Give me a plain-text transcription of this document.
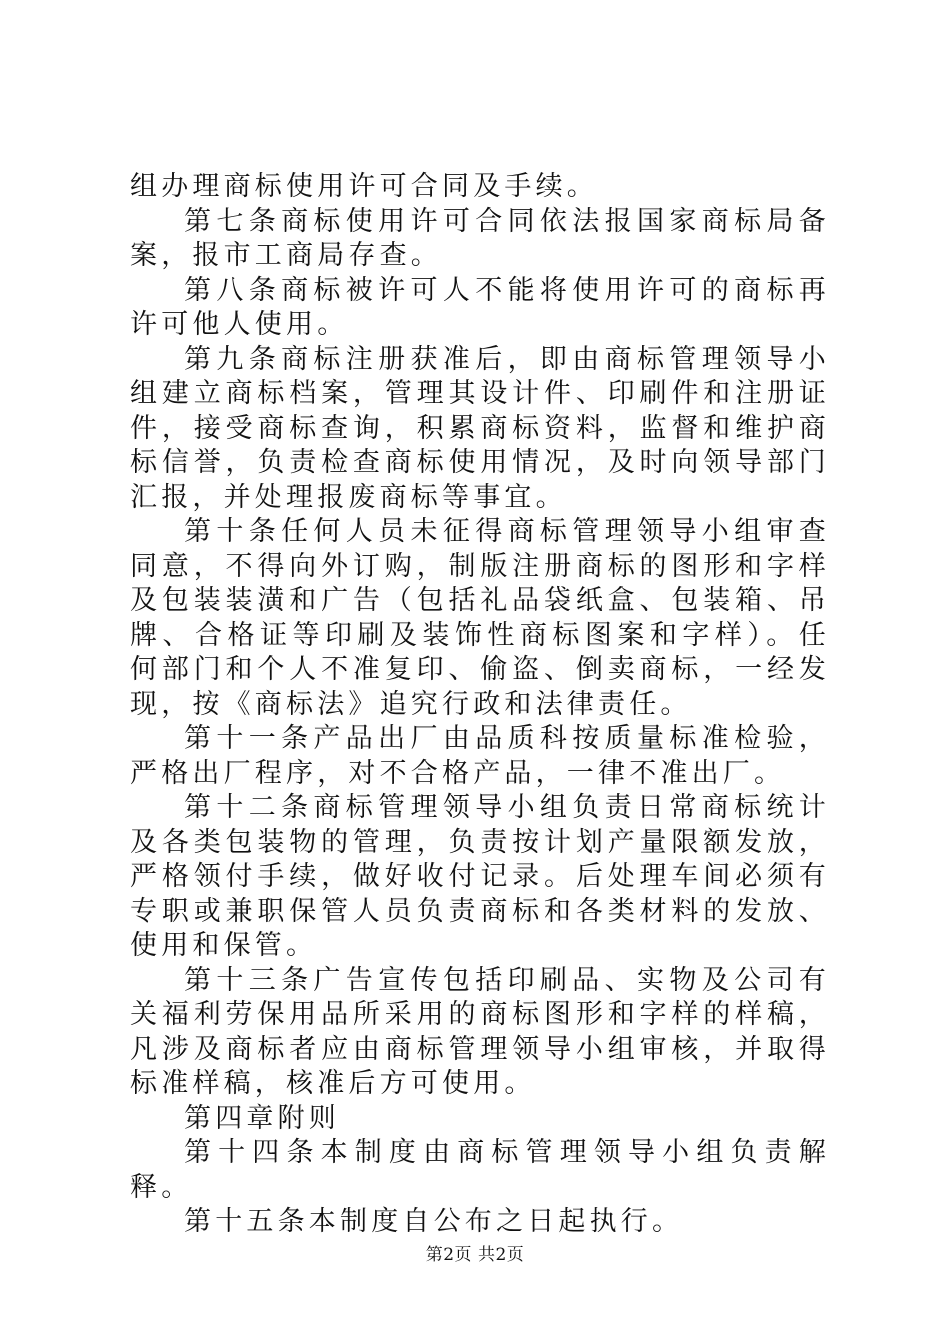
组办理商标使用许可合同及手续。

第七条商标使用许可合同依法报国家商标局备案，报市工商局存查。

第八条商标被许可人不能将使用许可的商标再许可他人使用。

第九条商标注册获准后，即由商标管理领导小组建立商标档案，管理其设计件、印刷件和注册证件，接受商标查询，积累商标资料，监督和维护商标信誉，负责检查商标使用情况，及时向领导部门汇报，并处理报废商标等事宜。

第十条任何人员未征得商标管理领导小组审查同意，不得向外订购，制版注册商标的图形和字样及包装装潢和广告（包括礼品袋纸盒、包装箱、吊牌、合格证等印刷及装饰性商标图案和字样）。任何部门和个人不准复印、偷盗、倒卖商标，一经发现，按《商标法》追究行政和法律责任。

第十一条产品出厂由品质科按质量标准检验，严格出厂程序，对不合格产品，一律不准出厂。

第十二条商标管理领导小组负责日常商标统计及各类包装物的管理，负责按计划产量限额发放，严格领付手续，做好收付记录。后处理车间必须有专职或兼职保管人员负责商标和各类材料的发放、使用和保管。

第十三条广告宣传包括印刷品、实物及公司有关福利劳保用品所采用的商标图形和字样的样稿，凡涉及商标者应由商标管理领导小组审核，并取得标准样稿，核准后方可使用。

第四章附则

第十四条本制度由商标管理领导小组负责解释。

第十五条本制度自公布之日起执行。

第2页 共2页
